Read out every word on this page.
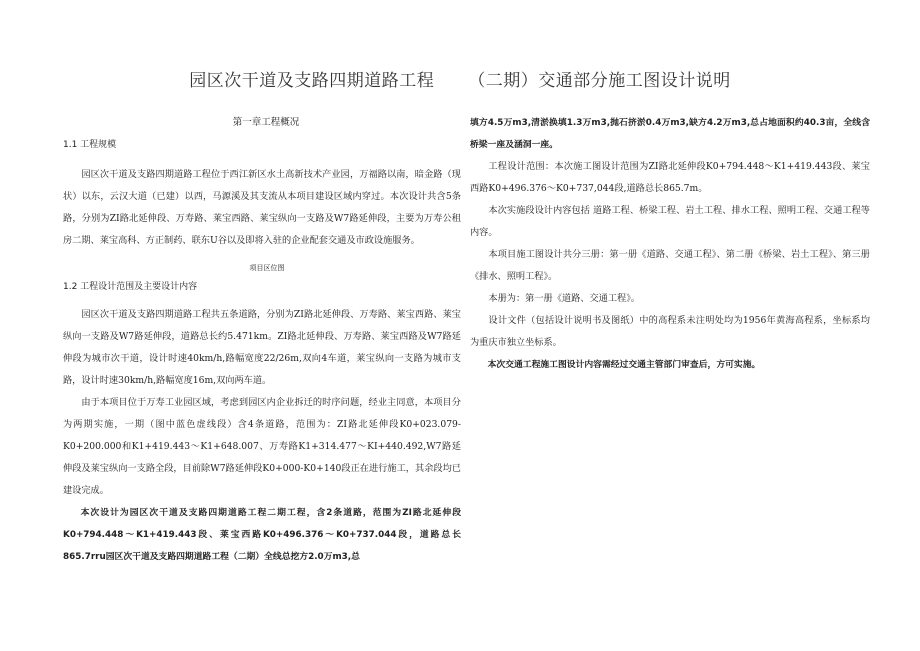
园区次干道及支路四期道路工程 （二期）交通部分施工图设计说明
第一章工程概况

1.1 工程规模

园区次干道及支路四期道路工程位于西江新区水土高新技术产业园，万福路以南，暗金路（现状）以东，云汉大道（已建）以西，马源溪及其支流从本项目建设区域内穿过。本次设计共含5条路，分别为ZI路北延伸段、万寿路、莱宝西路、莱宝纵向一支路及W7路延伸段，主要为万寿公租房二期、莱宝高科、方正制药、联东U谷以及即将入驻的企业配套交通及市政设施服务。

项目区位图

1.2 工程设计范围及主要设计内容

园区次干道及支路四期道路工程共五条道路，分别为ZI路北延伸段、万寿路、莱宝西路、莱宝纵向一支路及W7路延伸段，道路总长约5.471km。ZI路北延伸段、万寿路、莱宝西路及W7路延伸段为城市次干道，设计时速40km/h,路幅宽度22/26m,双向4车道，莱宝纵向一支路为城市支路，设计时速30km/h,路幅宽度16m,双向两车道。

由于本项目位于万寿工业园区域，考虑到园区内企业拆迁的时序问题，经业主同意，本项目分为两期实施，一期（图中蓝色虚线段）含4条道路，范围为：ZI路北延伸段K0+023.079-K0+200.000和K1+419.443～K1+648.007、万寿路K1+314.477～KI+440.492,W7路延伸段及莱宝纵向一支路全段，目前除W7路延伸段K0+000-K0+140段正在进行施工，其余段均已建设完成。

本次设计为园区次干道及支路四期道路工程二期工程，含2条道路，范围为ZI路北延伸段K0+794.448～K1+419.443段、莱宝西路K0+496.376～K0+737.044段，道路总长865.7rru园区次干道及支路四期道路工程（二期）全线总挖方2.0万m3,总

填方4.5万m3,清淤换填1.3万m3,抛石挤淤0.4万m3,缺方4.2万m3,总占地面积约40.3亩，全线含桥梁一座及涵洞一座。

工程设计范围：本次施工图设计范围为ZI路北延伸段K0+794.448～K1+419.443段、莱宝西路K0+496.376～K0+737,044段,道路总长865.7m。

本次实施段设计内容包括 道路工程、桥梁工程、岩土工程、排水工程、照明工程、交通工程等内容。

本项目施工图设计共分三册：第一册《道路、交通工程》、第二册《桥梁、岩土工程》、第三册《排水、照明工程》。

本册为：第一册《道路、交通工程》。

设计文件（包括设计说明书及图纸）中的高程系未注明处均为1956年黄海高程系，坐标系均为重庆市独立坐标系。

本次交通工程施工图设计内容需经过交通主管部门审查后，方可实施。
